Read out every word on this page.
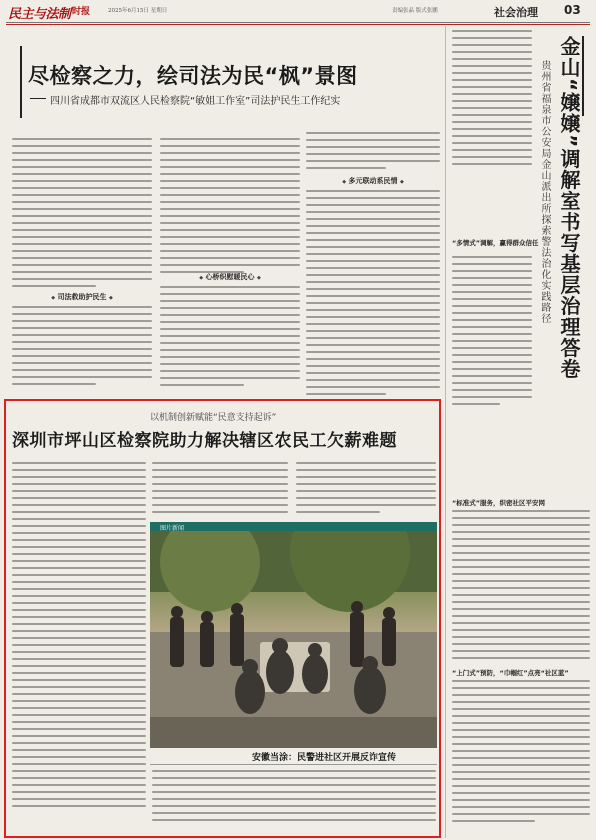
民主与法制 时报	2025年6月15日 星期日	责编张晶 版式张鹏	社会治理 03
尽检察之力，绘司法为民“枫”景图
四川省成都市双流区人民检察院“敏姐工作室”司法护民生工作纪实
◆ 司法救助护民生 ◆
◆ 心桥织慰暖民心 ◆
◆ 多元联动系民情 ◆	金山“嬢嬢”调解室书写基层治理答卷
贵州省福泉市公安局金山派出所探索警法治化实践路径
“多情式”调解，赢得群众信任
“标准式”服务，织密社区平安网
“上门式”预防，“巾帼红”点亮“社区蓝”
以机制创新赋能“民意支持起诉”
深圳市坪山区检察院助力解决辖区农民工欠薪难题
图片新闻
安徽当涂：民警进社区开展反诈宣传
